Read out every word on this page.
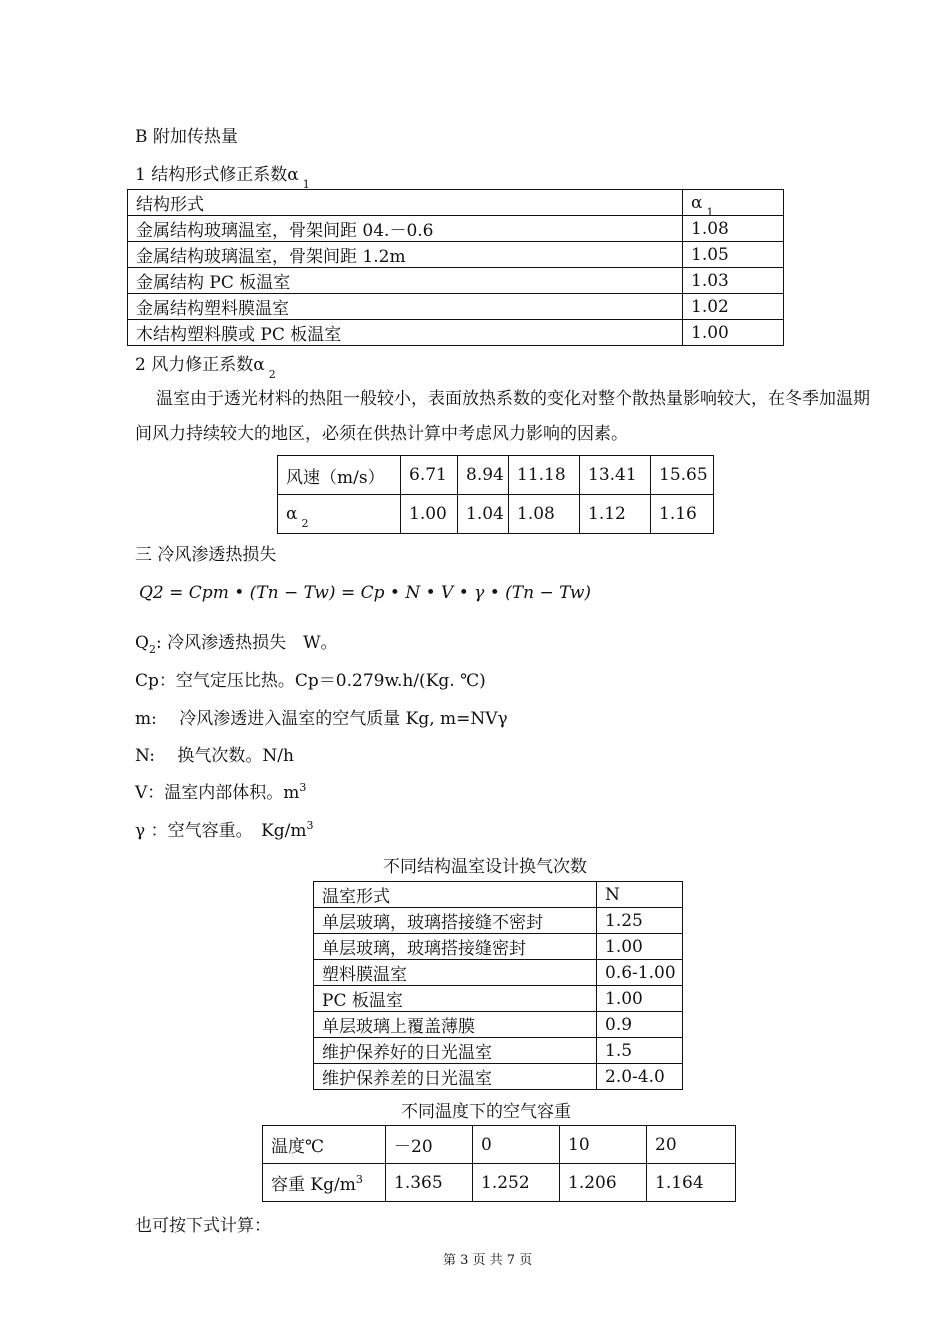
B 附加传热量
1 结构形式修正系数α $_1$
结构形式	α $_1$
金属结构玻璃温室，骨架间距 04.－0.6	1.08
金属结构玻璃温室，骨架间距 1.2m	1.05
金属结构 PC 板温室	1.03
金属结构塑料膜温室	1.02
木结构塑料膜或 PC 板温室	1.00
2 风力修正系数α $_2$
温室由于透光材料的热阻一般较小，表面放热系数的变化对整个散热量影响较大，在冬季加温期间风力持续较大的地区，必须在供热计算中考虑风力影响的因素。
风速（m/s）	6.71	8.94	11.18	13.41	15.65
α $_2$	1.00	1.04	1.08	1.12	1.16
三 冷风渗透热损失
Q2 = Cpm • (Tn − Tw) = Cp • N • V • γ • (Tn − Tw)
$Q_2$: 冷风渗透热损失　W。
Cp：空气定压比热。Cp＝0.279w.h/(Kg. ℃)
m: 　冷风渗透进入温室的空气质量 Kg, m=NVγ
N: 　换气次数。N/h
V：温室内部体积。$m^3$
γ ：空气容重。　$Kg/m^3$
不同结构温室设计换气次数
温室形式	N
单层玻璃，玻璃搭接缝不密封	1.25
单层玻璃，玻璃搭接缝密封	1.00
塑料膜温室	0.6-1.00
PC 板温室	1.00
单层玻璃上覆盖薄膜	0.9
维护保养好的日光温室	1.5
维护保养差的日光温室	2.0-4.0
不同温度下的空气容重
温度℃	－20	0	10	20
容重 $Kg/m^3$	1.365	1.252	1.206	1.164
也可按下式计算：
第 3 页 共 7 页
